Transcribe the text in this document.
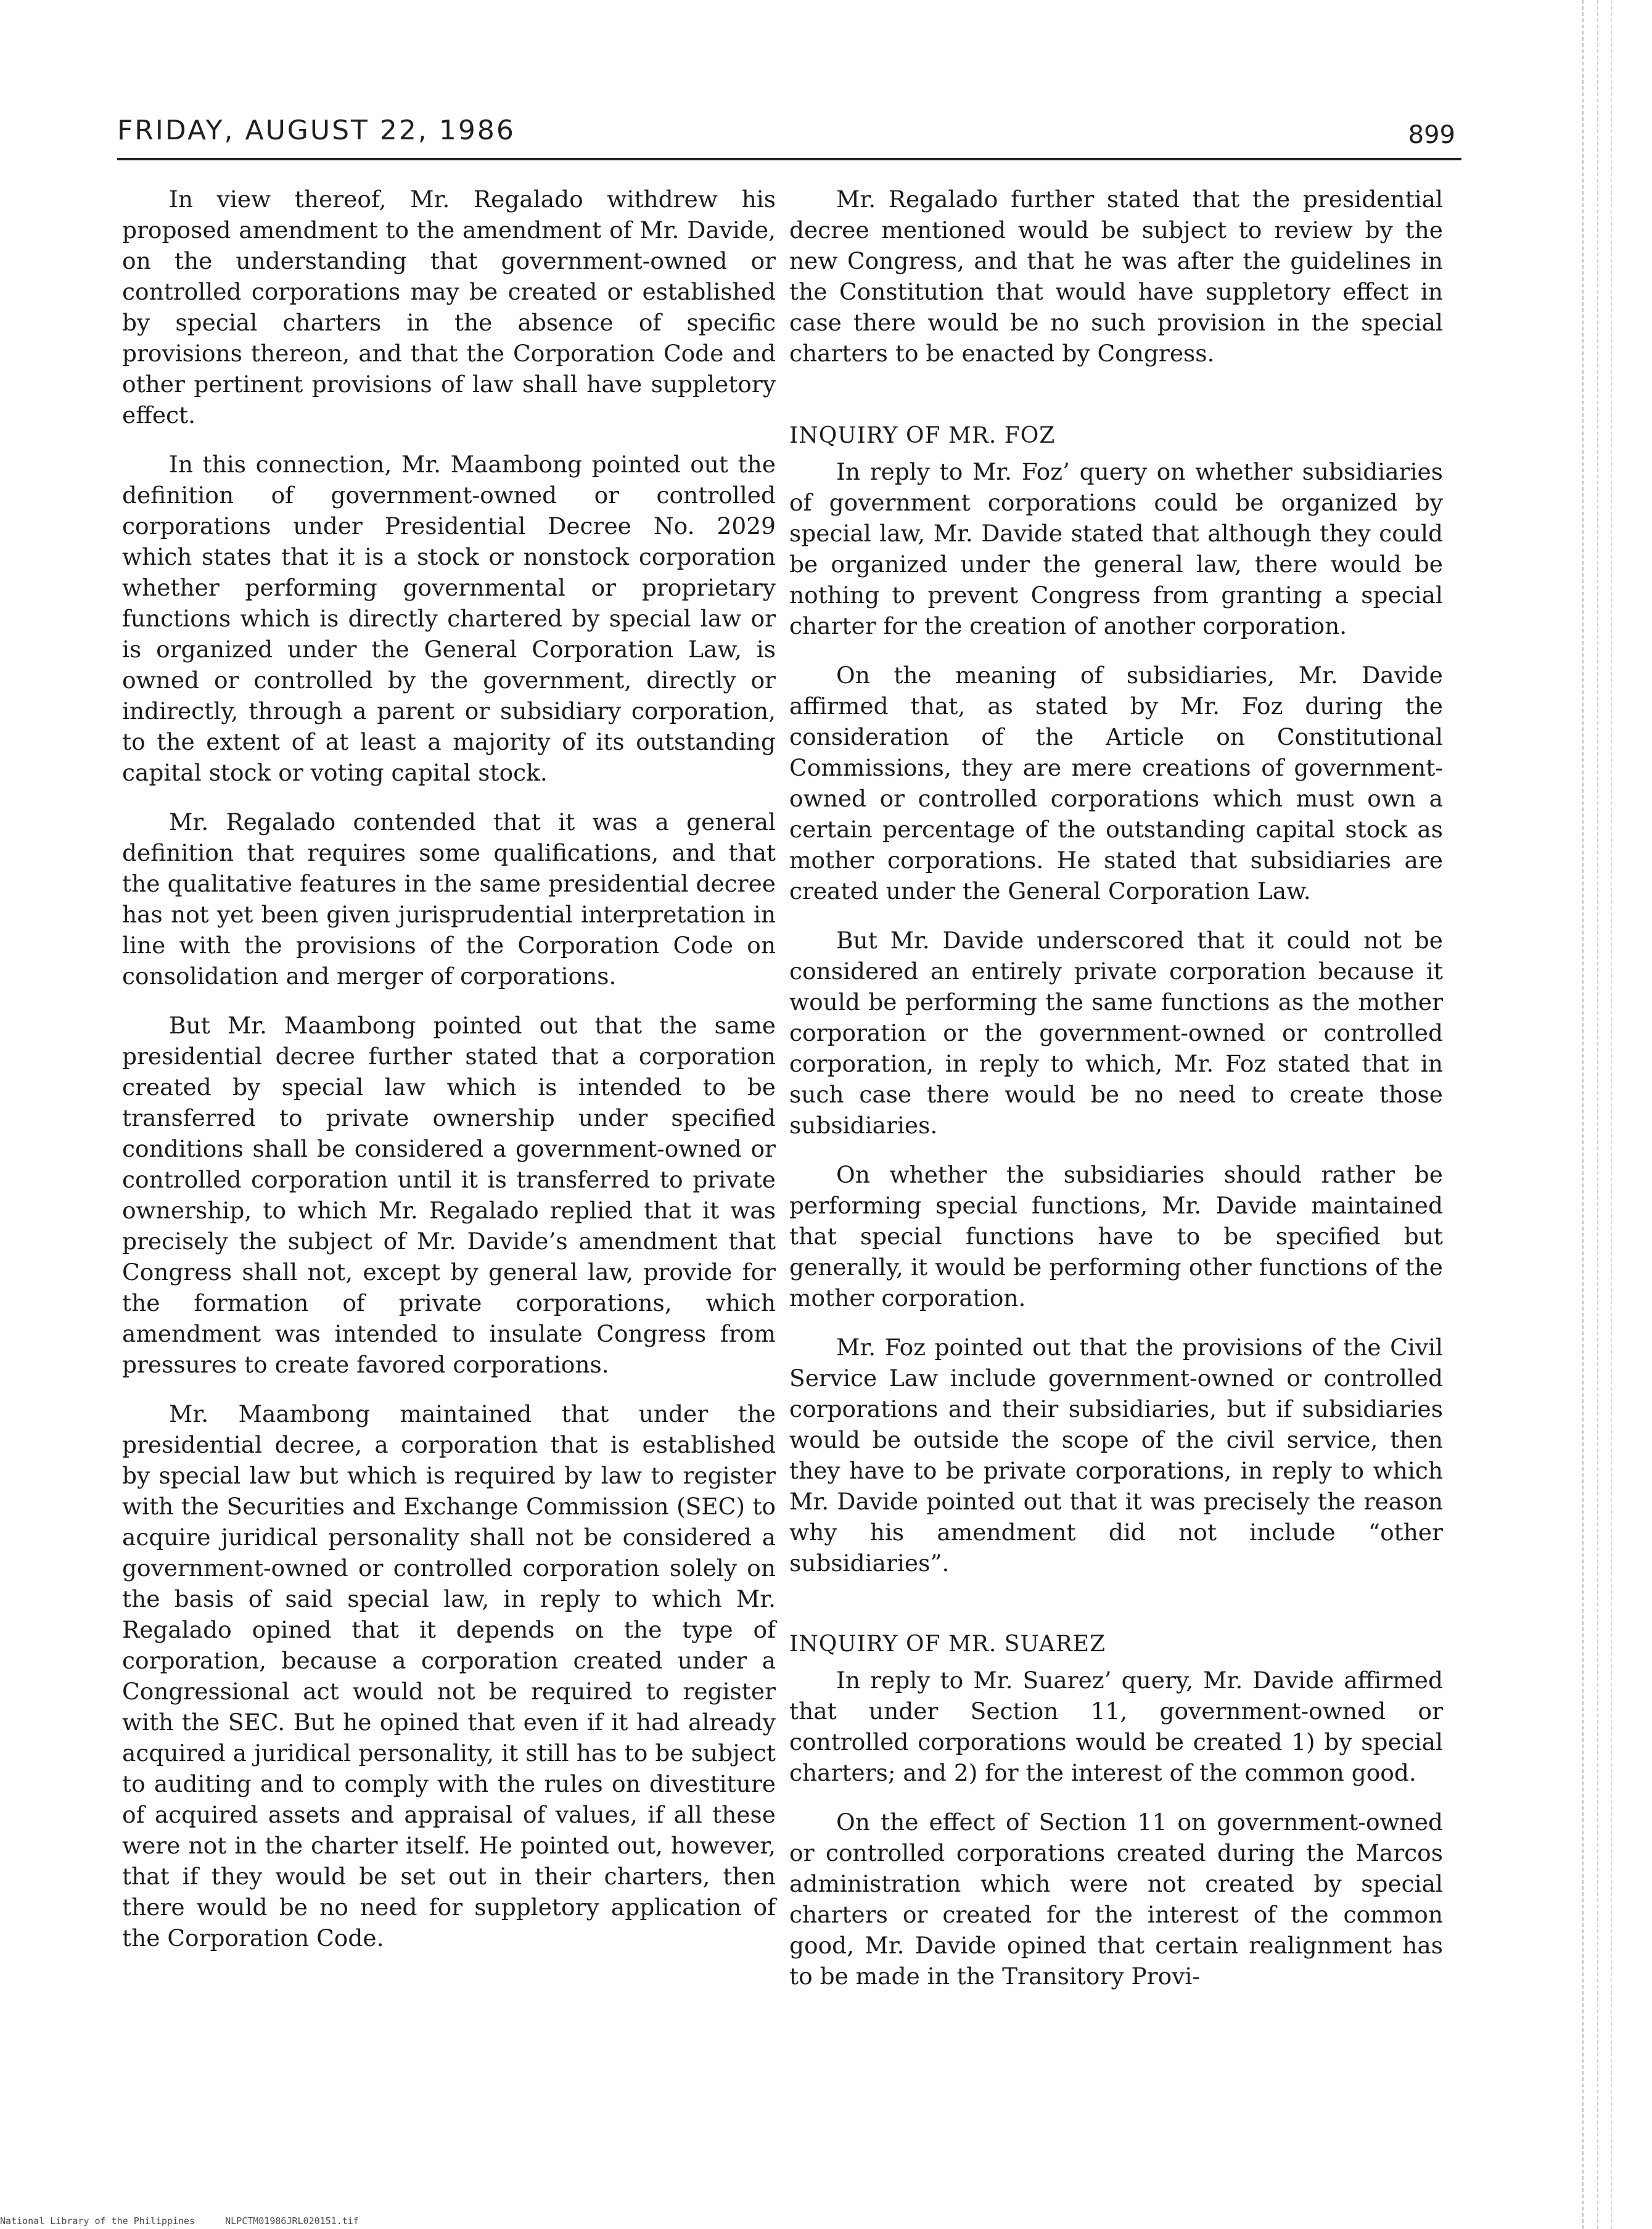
FRIDAY, AUGUST 22, 1986	899

In view thereof, Mr. Regalado withdrew his proposed amendment to the amendment of Mr. Davide, on the understanding that government-owned or controlled corporations may be created or established by special charters in the absence of specific provisions thereon, and that the Corporation Code and other pertinent provisions of law shall have suppletory effect.

In this connection, Mr. Maambong pointed out the definition of government-owned or controlled corporations under Presidential Decree No. 2029 which states that it is a stock or nonstock corporation whether performing governmental or proprietary functions which is directly chartered by special law or is organized under the General Corporation Law, is owned or controlled by the government, directly or indirectly, through a parent or subsidiary corporation, to the extent of at least a majority of its outstanding capital stock or voting capital stock.

Mr. Regalado contended that it was a general definition that requires some qualifications, and that the qualitative features in the same presidential decree has not yet been given jurisprudential interpretation in line with the provisions of the Corporation Code on consolidation and merger of corporations.

But Mr. Maambong pointed out that the same presidential decree further stated that a corporation created by special law which is intended to be transferred to private ownership under specified conditions shall be considered a government-owned or controlled corporation until it is transferred to private ownership, to which Mr. Regalado replied that it was precisely the subject of Mr. Davide’s amendment that Congress shall not, except by general law, provide for the formation of private corporations, which amendment was intended to insulate Congress from pressures to create favored corporations.

Mr. Maambong maintained that under the presidential decree, a corporation that is established by special law but which is required by law to register with the Securities and Exchange Commission (SEC) to acquire juridical personality shall not be considered a government-owned or controlled corporation solely on the basis of said special law, in reply to which Mr. Regalado opined that it depends on the type of corporation, because a corporation created under a Congressional act would not be required to register with the SEC. But he opined that even if it had already acquired a juridical personality, it still has to be subject to auditing and to comply with the rules on divestiture of acquired assets and appraisal of values, if all these were not in the charter itself. He pointed out, however, that if they would be set out in their charters, then there would be no need for suppletory application of the Corporation Code.

Mr. Regalado further stated that the presidential decree mentioned would be subject to review by the new Congress, and that he was after the guidelines in the Constitution that would have suppletory effect in case there would be no such provision in the special charters to be enacted by Congress.

INQUIRY OF MR. FOZ

In reply to Mr. Foz’ query on whether subsidiaries of government corporations could be organized by special law, Mr. Davide stated that although they could be organized under the general law, there would be nothing to prevent Congress from granting a special charter for the creation of another corporation.

On the meaning of subsidiaries, Mr. Davide affirmed that, as stated by Mr. Foz during the consideration of the Article on Constitutional Commissions, they are mere creations of government-owned or controlled corporations which must own a certain percentage of the outstanding capital stock as mother corporations. He stated that subsidiaries are created under the General Corporation Law.

But Mr. Davide underscored that it could not be considered an entirely private corporation because it would be performing the same functions as the mother corporation or the government-owned or controlled corporation, in reply to which, Mr. Foz stated that in such case there would be no need to create those subsidiaries.

On whether the subsidiaries should rather be performing special functions, Mr. Davide maintained that special functions have to be specified but generally, it would be performing other functions of the mother corporation.

Mr. Foz pointed out that the provisions of the Civil Service Law include government-owned or controlled corporations and their subsidiaries, but if subsidiaries would be outside the scope of the civil service, then they have to be private corporations, in reply to which Mr. Davide pointed out that it was precisely the reason why his amendment did not include “other subsidiaries”.

INQUIRY OF MR. SUAREZ

In reply to Mr. Suarez’ query, Mr. Davide affirmed that under Section 11, government-owned or controlled corporations would be created 1) by special charters; and 2) for the interest of the common good.

On the effect of Section 11 on government-owned or controlled corporations created during the Marcos administration which were not created by special charters or created for the interest of the common good, Mr. Davide opined that certain realignment has to be made in the Transitory Provi-

National Library of the Philippines	NLPCTM01986JRL020151.tif
